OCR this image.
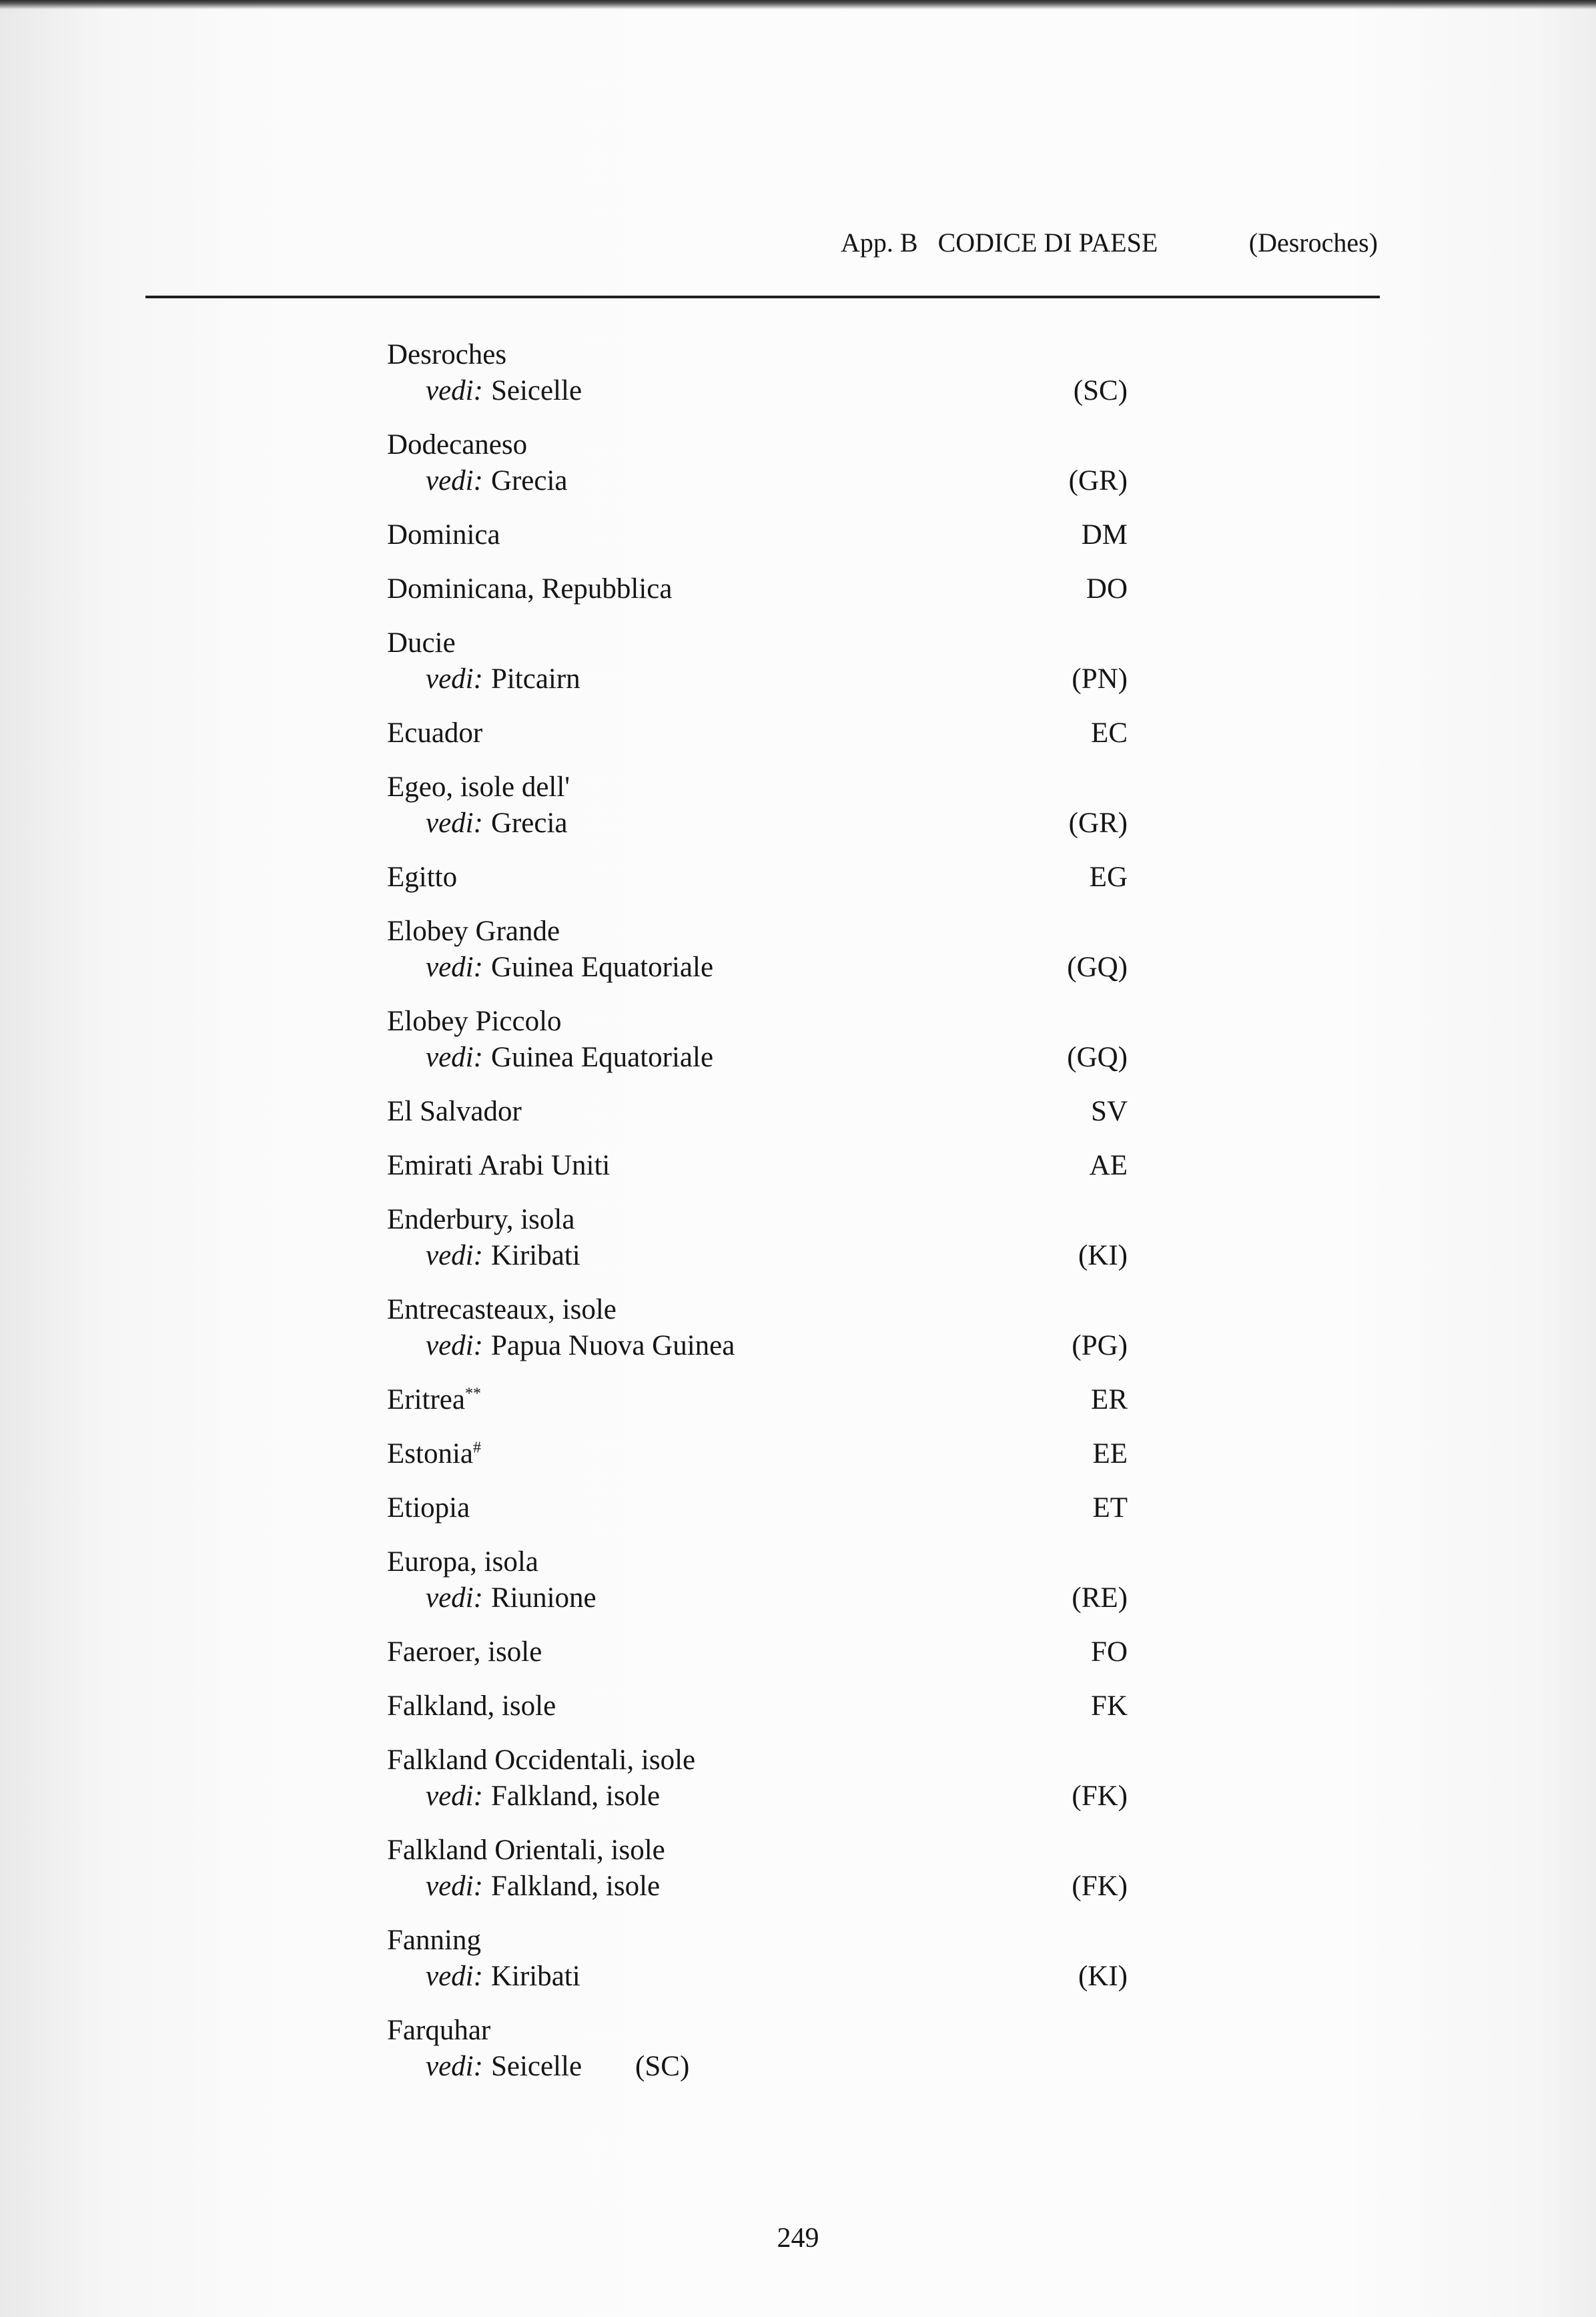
App. B CODICE DI PAESE	(Desroches)
Desroches
vedi: Seicelle	(SC)
Dodecaneso
vedi: Grecia	(GR)
Dominica	DM
Dominicana, Repubblica	DO
Ducie
vedi: Pitcairn	(PN)
Ecuador	EC
Egeo, isole dell'
vedi: Grecia	(GR)
Egitto	EG
Elobey Grande
vedi: Guinea Equatoriale	(GQ)
Elobey Piccolo
vedi: Guinea Equatoriale	(GQ)
El Salvador	SV
Emirati Arabi Uniti	AE
Enderbury, isola
vedi: Kiribati	(KI)
Entrecasteaux, isole
vedi: Papua Nuova Guinea	(PG)
Eritrea**	ER
Estonia#	EE
Etiopia	ET
Europa, isola
vedi: Riunione	(RE)
Faeroer, isole	FO
Falkland, isole	FK
Falkland Occidentali, isole
vedi: Falkland, isole	(FK)
Falkland Orientali, isole
vedi: Falkland, isole	(FK)
Fanning
vedi: Kiribati	(KI)
Farquhar
vedi: Seicelle (SC)
249
